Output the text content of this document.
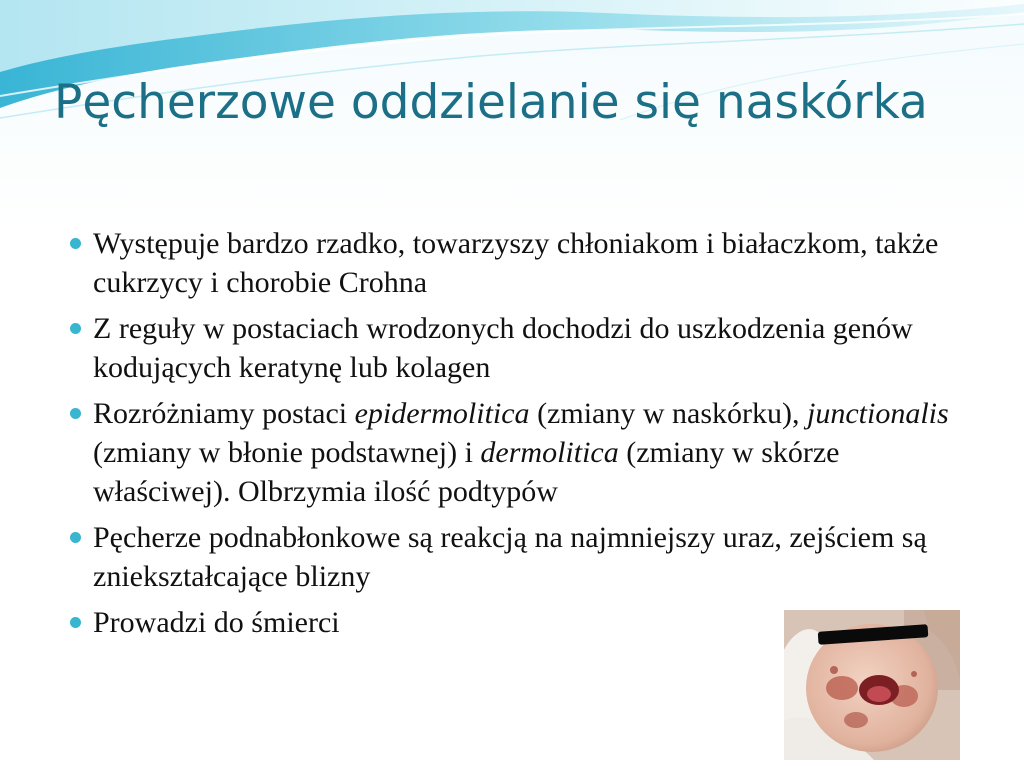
Pęcherzowe oddzielanie się naskórka
Występuje bardzo rzadko, towarzyszy chłoniakom i białaczkom, także cukrzycy i chorobie Crohna
Z reguły w postaciach wrodzonych dochodzi do uszkodzenia genów kodujących keratynę lub kolagen
Rozróżniamy postaci epidermolitica (zmiany w naskórku), junctionalis (zmiany w błonie podstawnej) i dermolitica (zmiany w skórze właściwej). Olbrzymia ilość podtypów
Pęcherze podnabłonkowe są reakcją na najmniejszy uraz, zejściem są zniekształcające blizny
Prowadzi do śmierci
